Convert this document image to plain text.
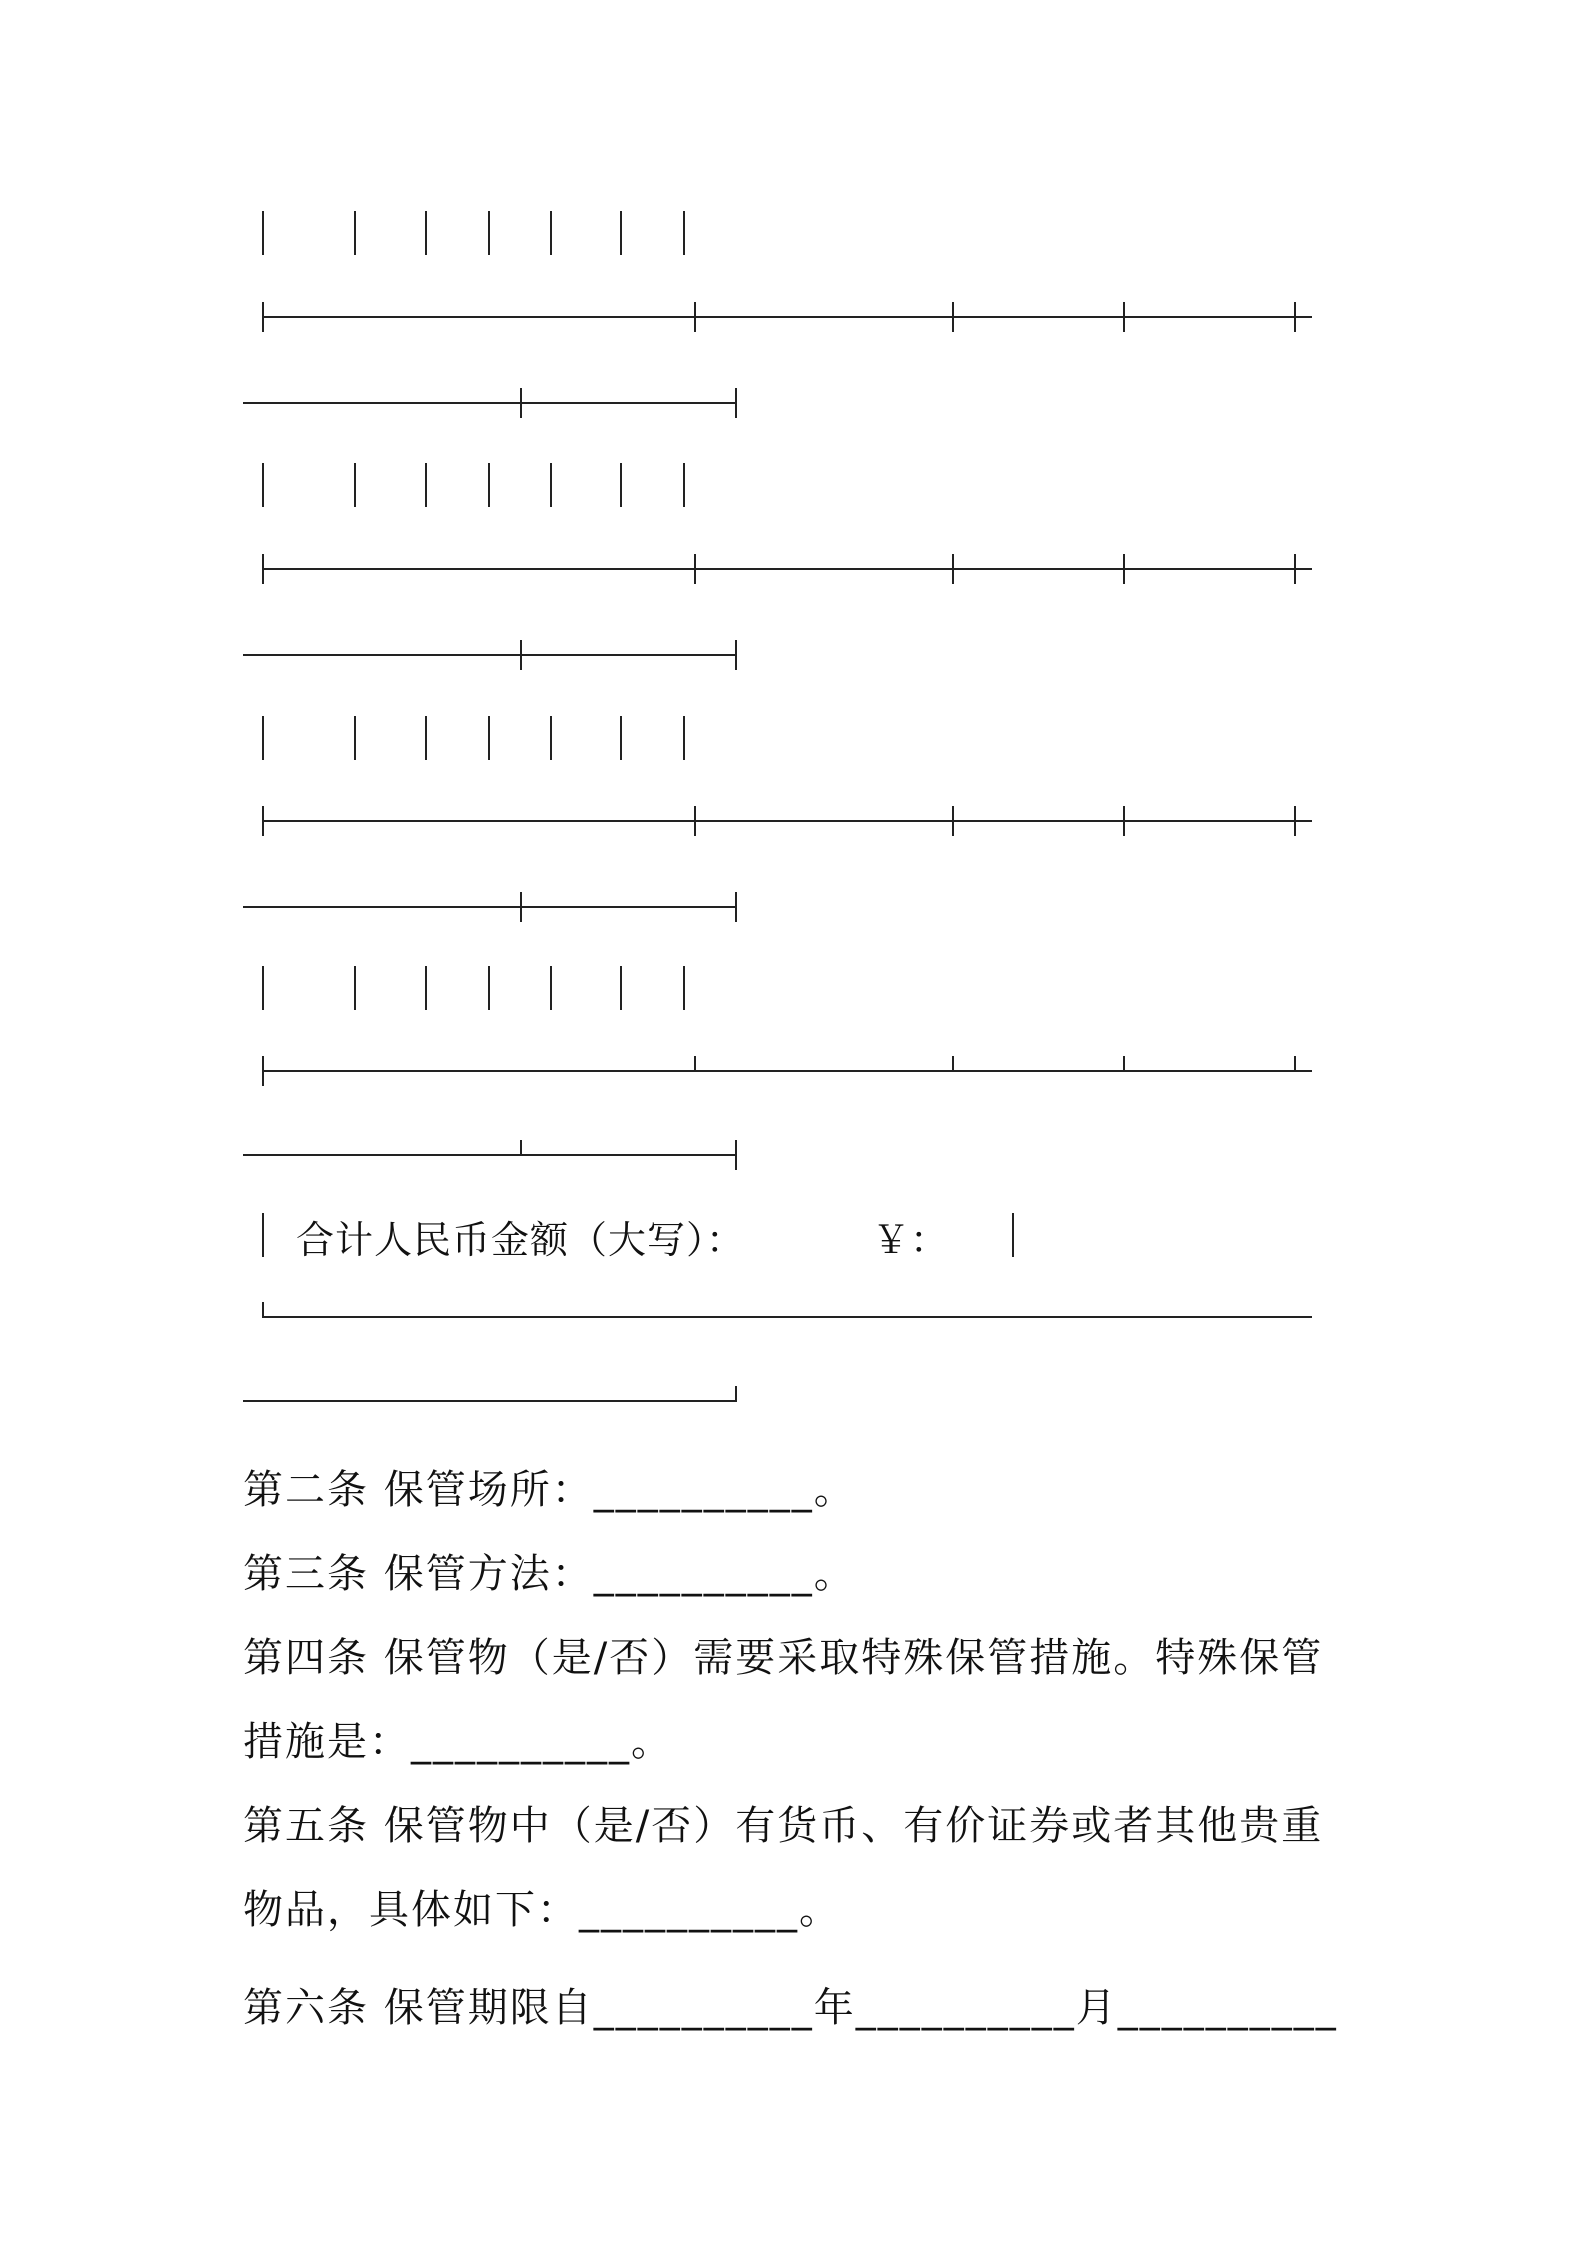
合计人民币金额（大写）：	￥：
第二条 保管场所：__________。
第三条 保管方法：__________。
第四条 保管物（是/否）需要采取特殊保管措施。特殊保管
措施是：__________。
第五条 保管物中（是/否）有货币、有价证券或者其他贵重
物品，具体如下：__________。
第六条 保管期限自__________年__________月__________
